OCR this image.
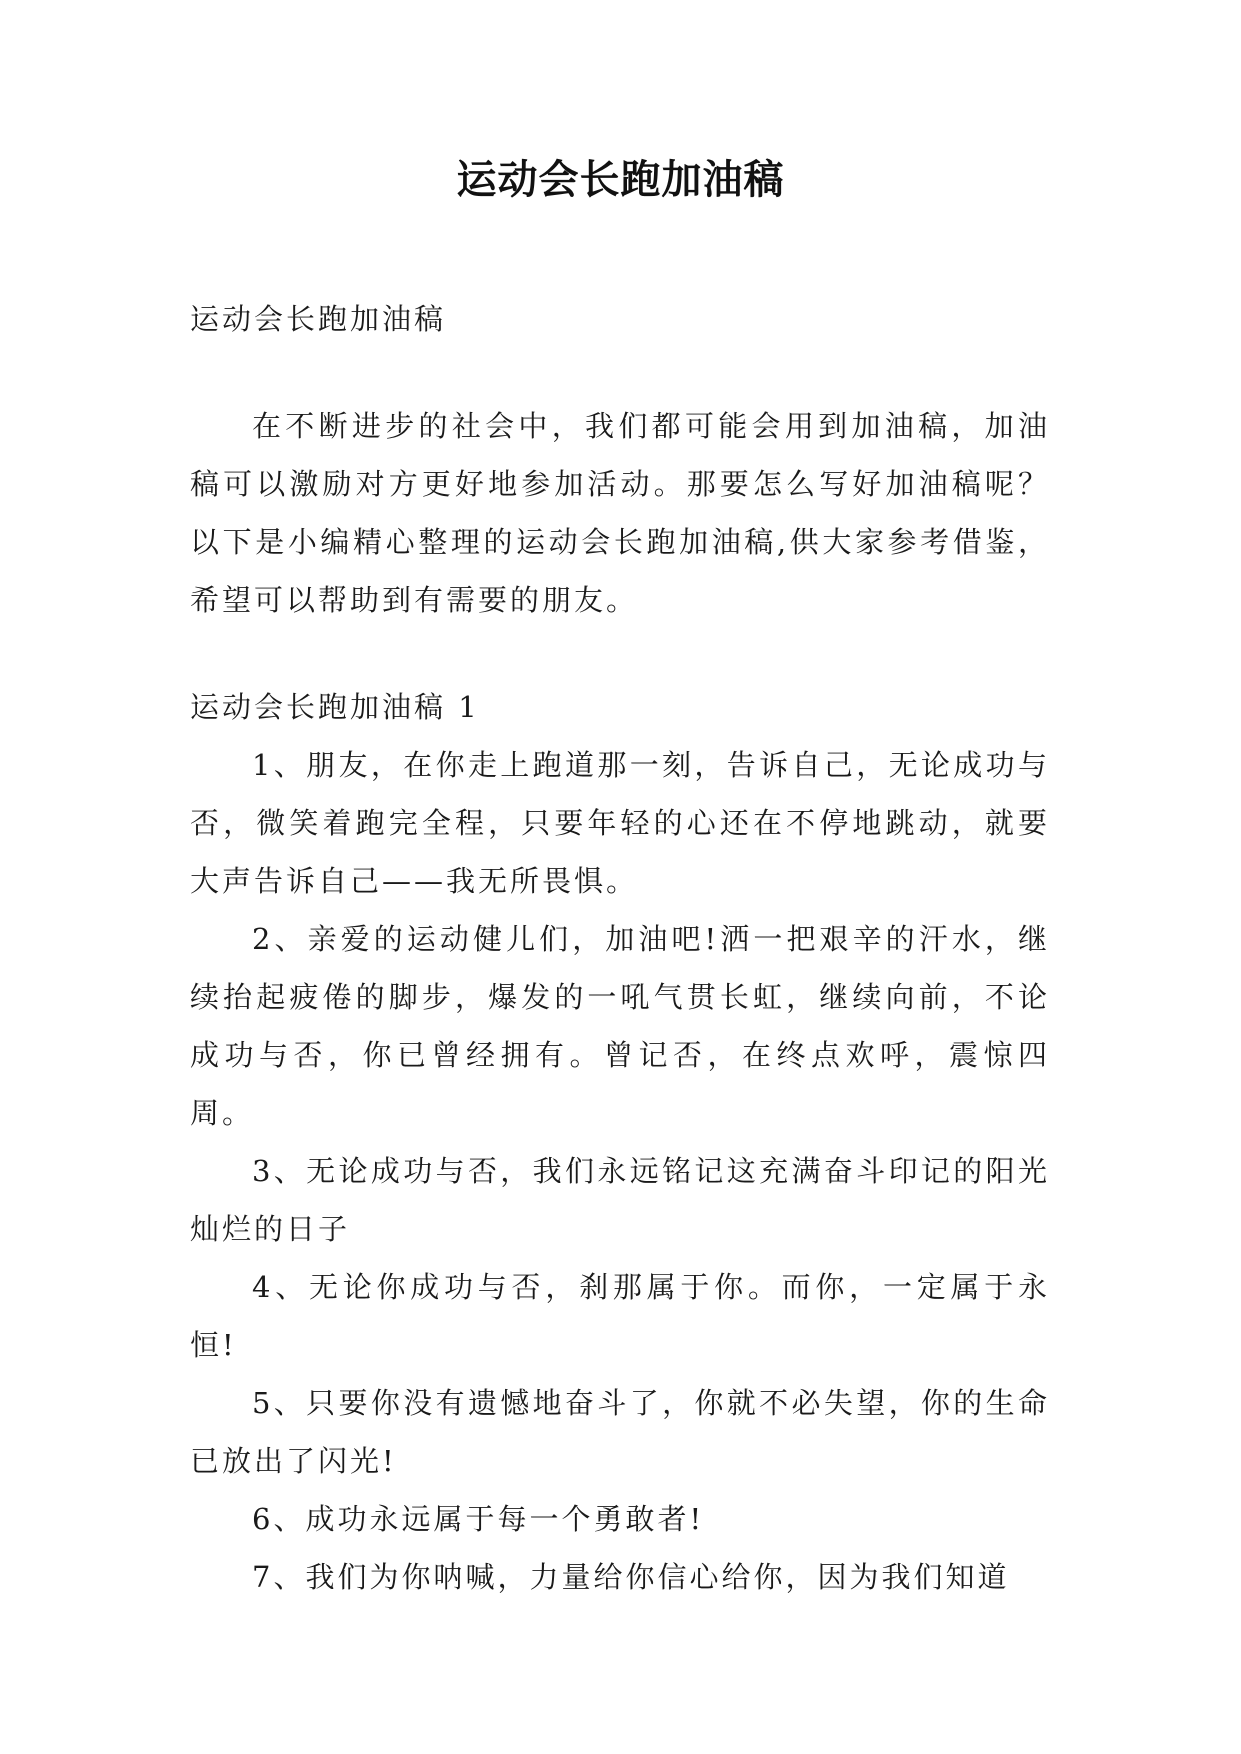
运动会长跑加油稿

运动会长跑加油稿

在不断进步的社会中，我们都可能会用到加油稿，加油稿可以激励对方更好地参加活动。那要怎么写好加油稿呢？以下是小编精心整理的运动会长跑加油稿,供大家参考借鉴，希望可以帮助到有需要的朋友。

运动会长跑加油稿 1

1、朋友，在你走上跑道那一刻，告诉自己，无论成功与否，微笑着跑完全程，只要年轻的心还在不停地跳动，就要大声告诉自己——我无所畏惧。

2、亲爱的运动健儿们，加油吧!洒一把艰辛的汗水，继续抬起疲倦的脚步，爆发的一吼气贯长虹，继续向前，不论成功与否，你已曾经拥有。曾记否，在终点欢呼，震惊四周。

3、无论成功与否，我们永远铭记这充满奋斗印记的阳光灿烂的日子

4、无论你成功与否，刹那属于你。而你，一定属于永恒!

5、只要你没有遗憾地奋斗了，你就不必失望，你的生命已放出了闪光!

6、成功永远属于每一个勇敢者!

7、我们为你呐喊，力量给你信心给你，因为我们知道
